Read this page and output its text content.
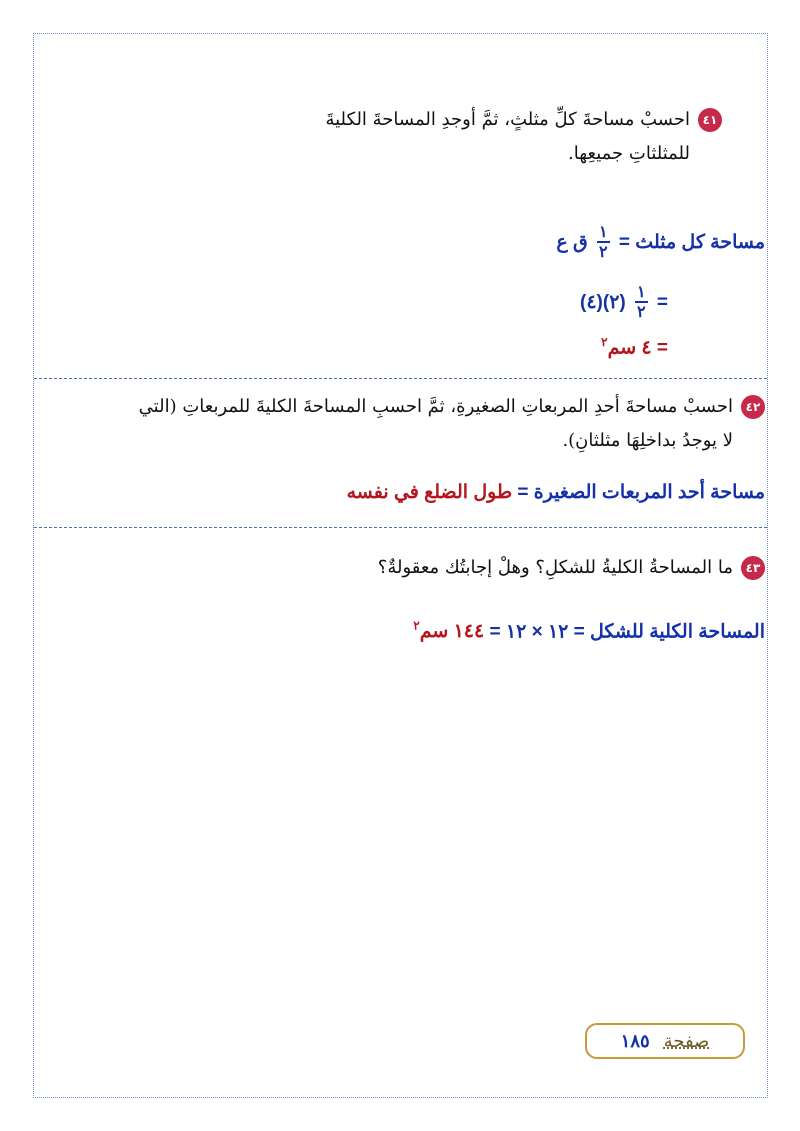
٤١احسبْ مساحةَ كلِّ مثلثٍ، ثمَّ أوجدِ المساحةَ الكليةَ
للمثلثاتِ جميعِها.
مساحة كل مثلث =
$\frac{١}{٢}$
ق ع
=
$\frac{١}{٢}$
(٢)(٤)
= ٤ سم$^٢$
٤٢احسبْ مساحةَ أحدِ المربعاتِ الصغيرةِ، ثمَّ احسبِ المساحةَ الكليةَ للمربعاتِ (التي
لا يوجدُ بداخلِهَا مثلثانِ).
مساحة أحد المربعات الصغيرة = طول الضلع في نفسه
٤٣ما المساحةُ الكليةُ للشكلِ؟ وهلْ إجابتُك معقولةٌ؟
المساحة الكلية للشكل = ١٢ × ١٢ = ١٤٤ سم$^٢$
صفحة
١٨٥
